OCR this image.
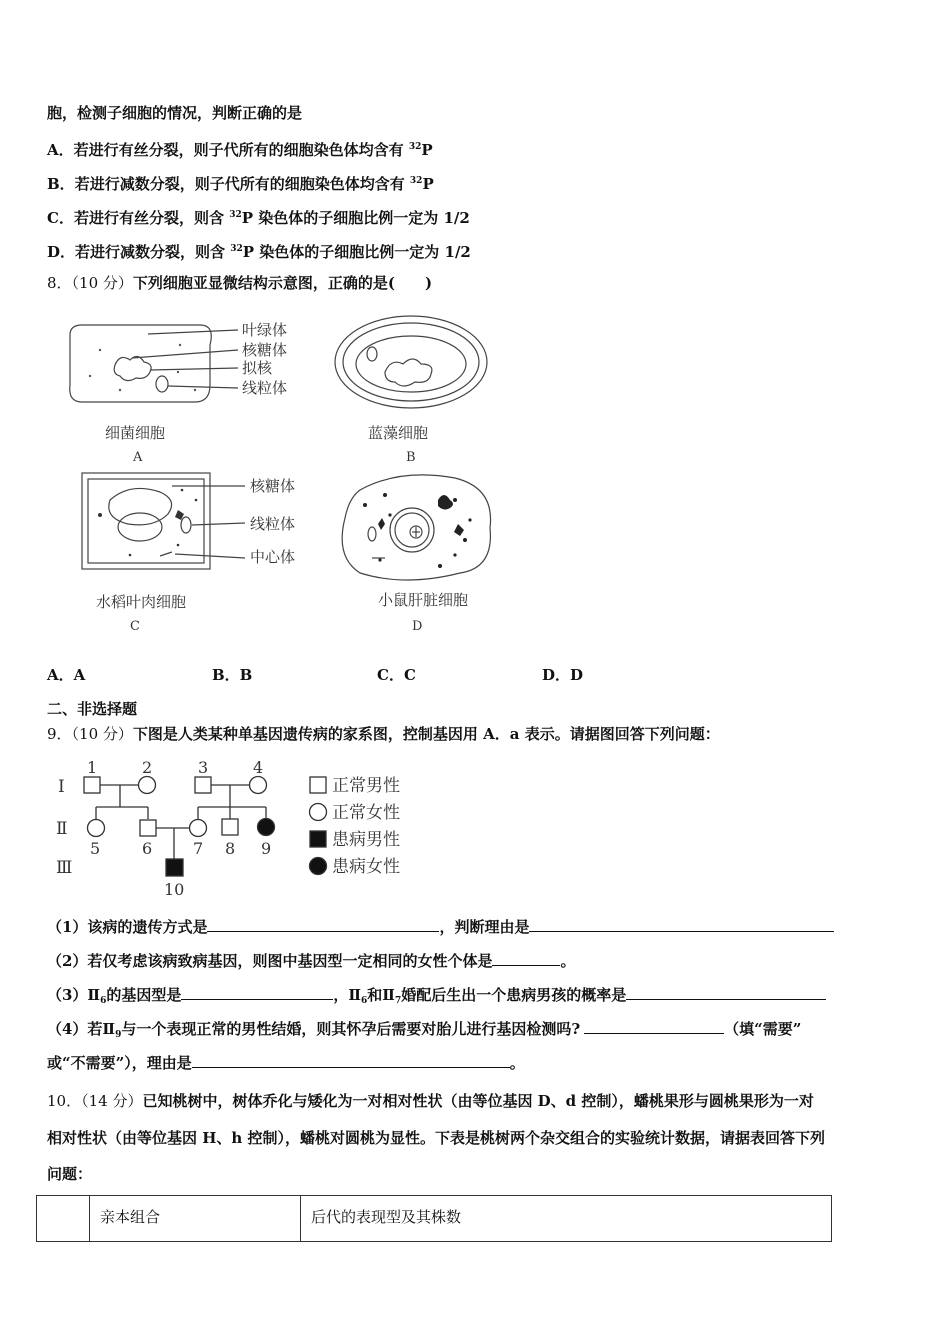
胞，检测子细胞的情况，判断正确的是
A．若进行有丝分裂，则子代所有的细胞染色体均含有 $^{32}$P
B．若进行减数分裂，则子代所有的细胞染色体均含有 $^{32}$P
C．若进行有丝分裂，则含 $^{32}$P 染色体的子细胞比例一定为 1/2
D．若进行减数分裂，则含 $^{32}$P 染色体的子细胞比例一定为 1/2
8．（10 分）下列细胞亚显微结构示意图，正确的是(　　)
叶绿体
核糖体
拟核
线粒体
细菌细胞
A
蓝藻细胞
B
核糖体
线粒体
中心体
水稻叶肉细胞
C
小鼠肝脏细胞
D
A．A	B．B	C．C	D．D
二、非选择题
9．（10 分）下图是人类某种单基因遗传病的家系图，控制基因用 A．a 表示。请据图回答下列问题：
Ⅰ
Ⅱ
Ⅲ
1	2	3	4
5	6	7 8 9
10
正常男性
正常女性
患病男性
患病女性
（1）该病的遗传方式是	，判断理由是
（2）若仅考虑该病致病基因，则图中基因型一定相同的女性个体是	。
$(3)Ⅱ_6$的基因型是	，$Ⅱ_6$和$Ⅱ_7$婚配后生出一个患病男孩的概率是
（4）若$Ⅱ_9$与一个表现正常的男性结婚，则其怀孕后需要对胎儿进行基因检测吗?	（填“需要”
或“不需要”），理由是	。
10．（14 分）已知桃树中，树体乔化与矮化为一对相对性状（由等位基因 D、d 控制），蟠桃果形与圆桃果形为一对
相对性状（由等位基因 H、h 控制），蟠桃对圆桃为显性。下表是桃树两个杂交组合的实验统计数据，请据表回答下列
问题：
	亲本组合	后代的表现型及其株数
